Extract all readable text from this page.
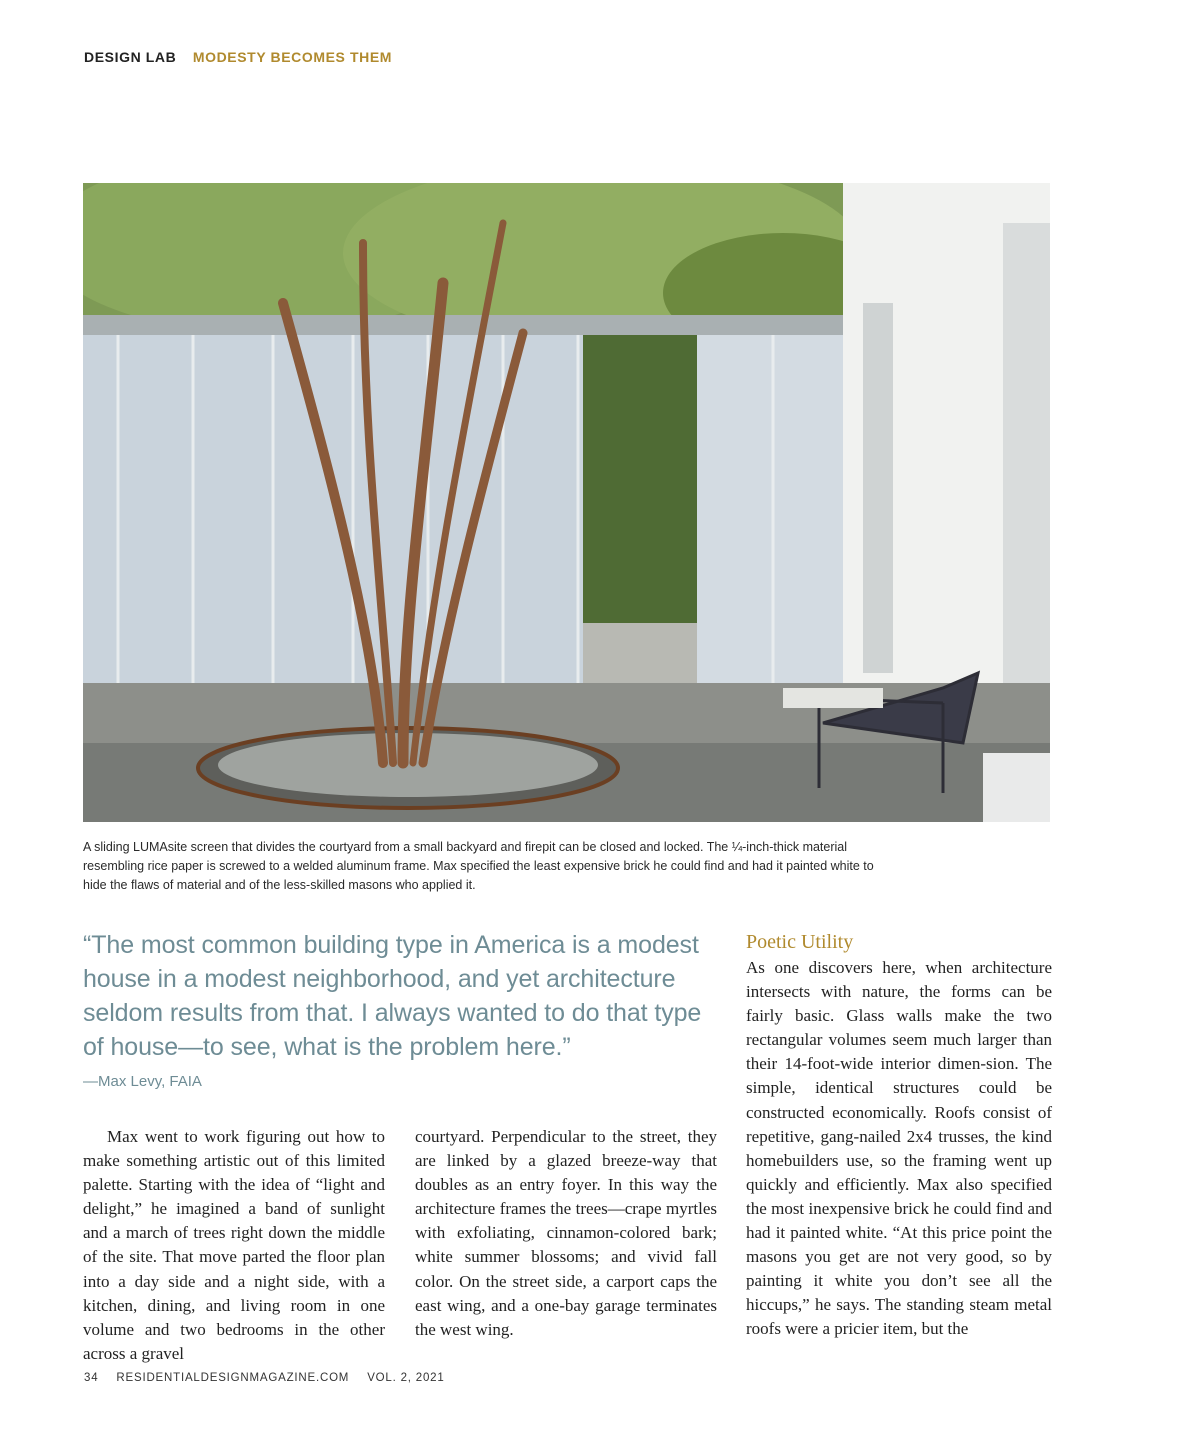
DESIGN LAB MODESTY BECOMES THEM
A sliding LUMAsite screen that divides the courtyard from a small backyard and firepit can be closed and locked. The ¼-inch-thick material resembling rice paper is screwed to a welded aluminum frame. Max specified the least expensive brick he could find and had it painted white to hide the flaws of material and of the less-skilled masons who applied it.
“The most common building type in America is a modest house in a modest neighborhood, and yet architecture seldom results from that. I always wanted to do that type of house—to see, what is the problem here.”
—Max Levy, FAIA
Poetic Utility

Max went to work figuring out how to make something artistic out of this limited palette. Starting with the idea of “light and delight,” he imagined a band of sunlight and a march of trees right down the middle of the site. That move parted the floor plan into a day side and a night side, with a kitchen, dining, and living room in one volume and two bedrooms in the other across a gravel

courtyard. Perpendicular to the street, they are linked by a glazed breeze-way that doubles as an entry foyer. In this way the architecture frames the trees—crape myrtles with exfoliating, cinnamon-colored bark; white summer blossoms; and vivid fall color. On the street side, a carport caps the east wing, and a one-bay garage terminates the west wing.

As one discovers here, when architecture intersects with nature, the forms can be fairly basic. Glass walls make the two rectangular volumes seem much larger than their 14-foot-wide interior dimen-sion. The simple, identical structures could be constructed economically. Roofs consist of repetitive, gang-nailed 2x4 trusses, the kind homebuilders use, so the framing went up quickly and efficiently. Max also specified the most inexpensive brick he could find and had it painted white. “At this price point the masons you get are not very good, so by painting it white you don’t see all the hiccups,” he says. The standing steam metal roofs were a pricier item, but the

34 RESIDENTIALDESIGNMAGAZINE.COM VOL. 2, 2021
